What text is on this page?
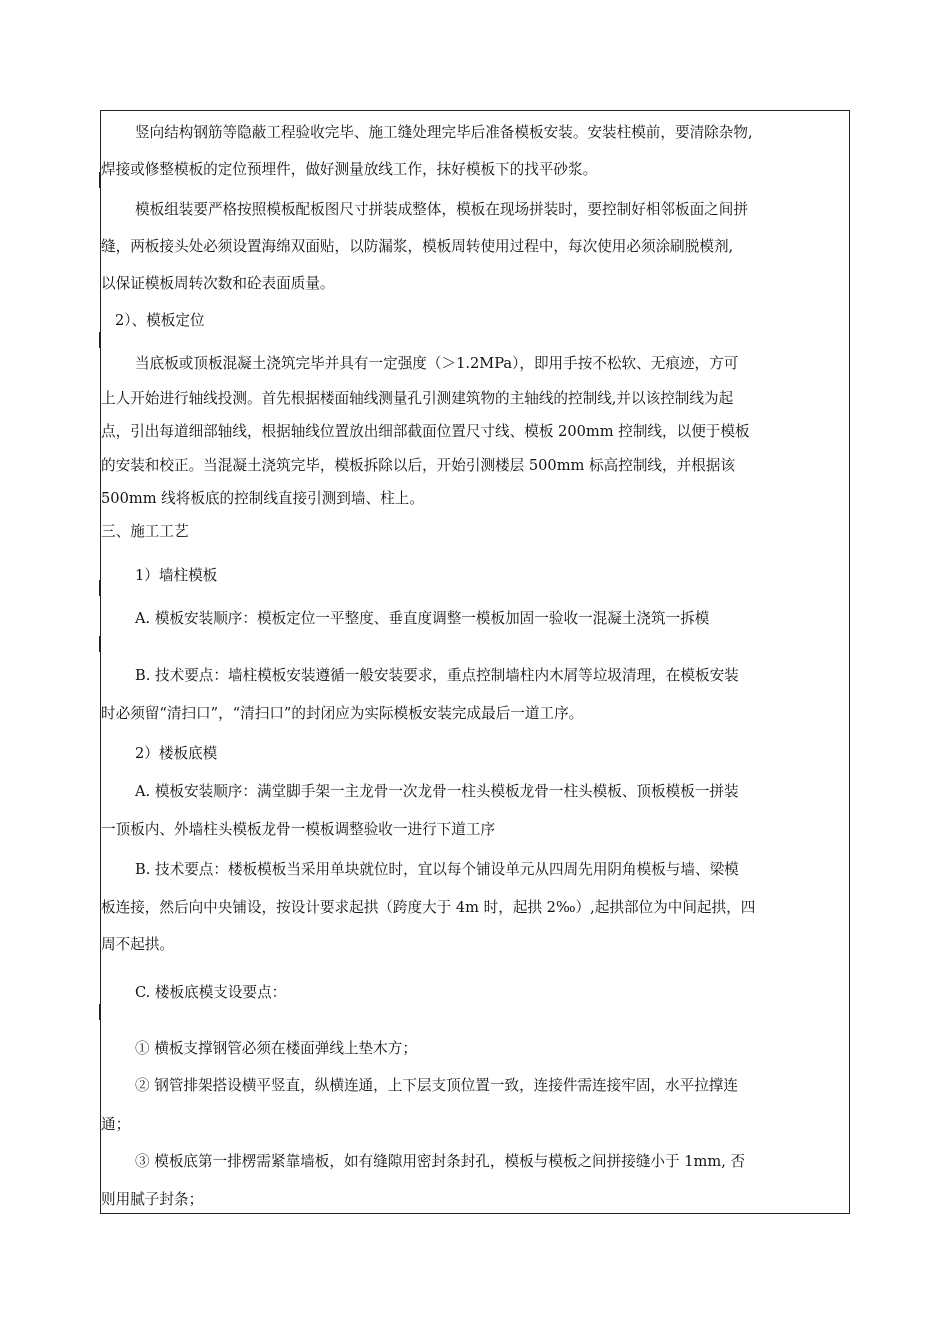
竖向结构钢筋等隐蔽工程验收完毕、施工缝处理完毕后准备模板安装。安装柱模前，要清除杂物,
焊接或修整模板的定位预埋件，做好测量放线工作，抹好模板下的找平砂浆。
模板组装要严格按照模板配板图尺寸拼装成整体，模板在现场拼装时，要控制好相邻板面之间拼
缝，两板接头处必须设置海绵双面贴，以防漏浆，模板周转使用过程中，每次使用必须涂刷脱模剂,
以保证模板周转次数和砼表面质量。
2）、模板定位
当底板或顶板混凝土浇筑完毕并具有一定强度（＞1.2MPa），即用手按不松软、无痕迹，方可
上人开始进行轴线投测。首先根据楼面轴线测量孔引测建筑物的主轴线的控制线,并以该控制线为起
点，引出每道细部轴线，根据轴线位置放出细部截面位置尺寸线、模板 200mm 控制线，以便于模板
的安装和校正。当混凝土浇筑完毕，模板拆除以后，开始引测楼层 500mm 标高控制线，并根据该
500mm 线将板底的控制线直接引测到墙、柱上。
三、施工工艺
1）墙柱模板
A. 模板安装顺序：模板定位一平整度、垂直度调整一模板加固一验收一混凝土浇筑一拆模
B. 技术要点：墙柱模板安装遵循一般安装要求，重点控制墙柱内木屑等垃圾清理，在模板安装
时必须留“清扫口”，“清扫口”的封闭应为实际模板安装完成最后一道工序。
2）楼板底模
A. 模板安装顺序：满堂脚手架一主龙骨一次龙骨一柱头模板龙骨一柱头模板、顶板模板一拼装
一顶板内、外墙柱头模板龙骨一模板调整验收一进行下道工序
B. 技术要点：楼板模板当采用单块就位时，宜以每个铺设单元从四周先用阴角模板与墙、梁模
板连接，然后向中央铺设，按设计要求起拱（跨度大于 4m 时，起拱 2‰）,起拱部位为中间起拱，四
周不起拱。
C. 楼板底模支设要点：
① 横板支撑钢管必须在楼面弹线上垫木方；
② 钢管排架搭设横平竖直，纵横连通，上下层支顶位置一致，连接件需连接牢固，水平拉撑连
通；
③ 模板底第一排楞需紧靠墙板，如有缝隙用密封条封孔，模板与模板之间拼接缝小于 1mm, 否
则用腻子封条；
